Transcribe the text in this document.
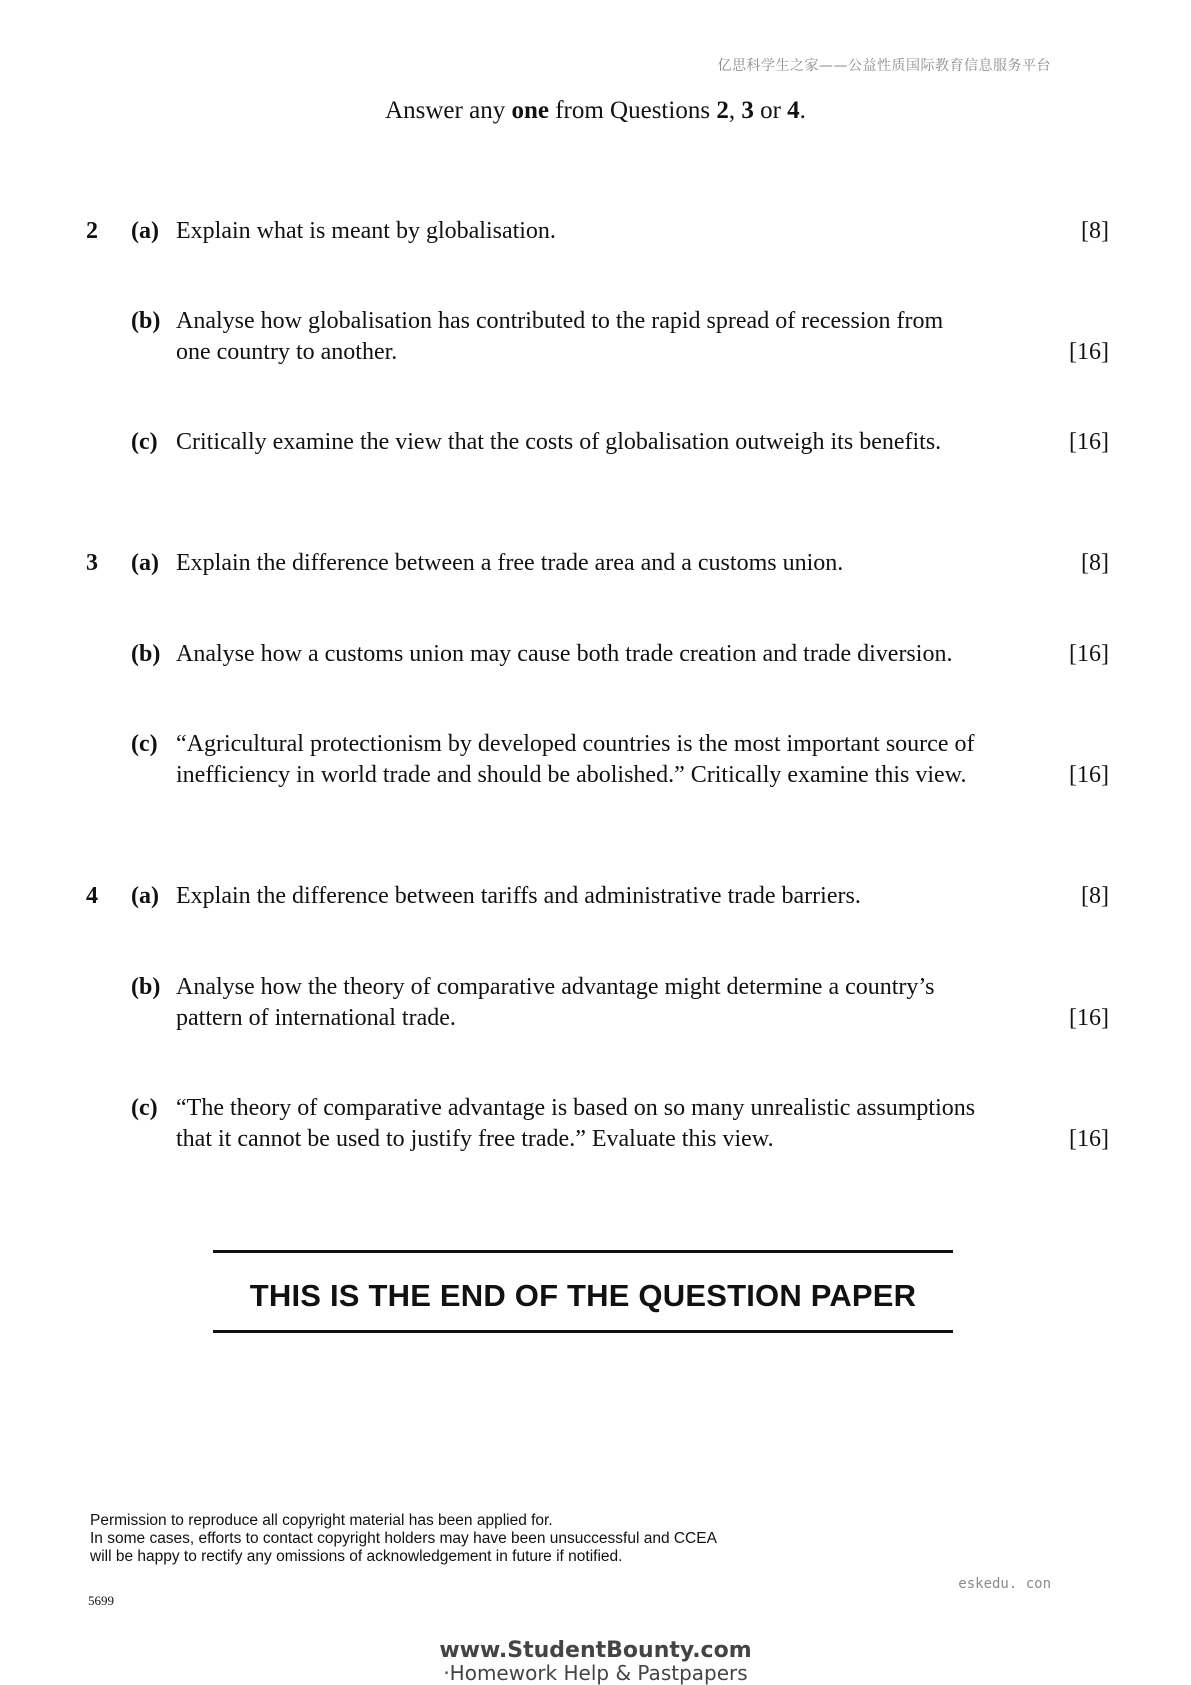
亿思科学生之家——公益性质国际教育信息服务平台
Answer any one from Questions 2, 3 or 4.
2 (a) Explain what is meant by globalisation.	[8]
(b) Analyse how globalisation has contributed to the rapid spread of recession from
one country to another.	[16]
(c) Critically examine the view that the costs of globalisation outweigh its benefits.	[16]
3 (a) Explain the difference between a free trade area and a customs union.	[8]
(b) Analyse how a customs union may cause both trade creation and trade diversion.	[16]
(c) “Agricultural protectionism by developed countries is the most important source of
inefficiency in world trade and should be abolished.” Critically examine this view.	[16]
4 (a) Explain the difference between tariffs and administrative trade barriers.	[8]
(b) Analyse how the theory of comparative advantage might determine a country’s
pattern of international trade.	[16]
(c) “The theory of comparative advantage is based on so many unrealistic assumptions
that it cannot be used to justify free trade.” Evaluate this view.	[16]
THIS IS THE END OF THE QUESTION PAPER
Permission to reproduce all copyright material has been applied for.
In some cases, efforts to contact copyright holders may have been unsuccessful and CCEA
will be happy to rectify any omissions of acknowledgement in future if notified.
5699
eskedu. con
www.StudentBounty.com
·Homework Help & Pastpapers
